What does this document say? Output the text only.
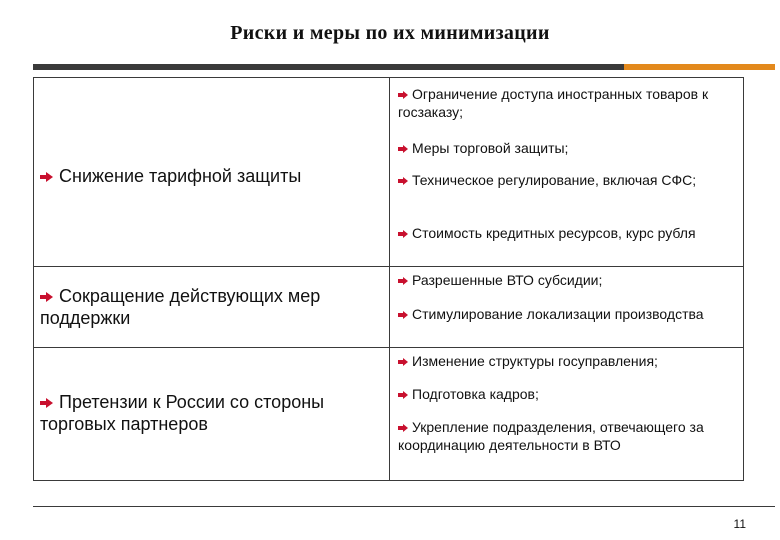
Риски и меры по их минимизации
Снижение тарифной защиты
Ограничение доступа иностранных товаров к госзаказу;
Меры торговой защиты;
Техническое регулирование, включая СФС;
Стоимость кредитных ресурсов, курс рубля
Сокращение действующих мер поддержки
Разрешенные ВТО субсидии;
Стимулирование локализации производства
Претензии к России со стороны торговых партнеров
Изменение структуры госуправления;
Подготовка кадров;
Укрепление подразделения, отвечающего за координацию деятельности в ВТО
11
